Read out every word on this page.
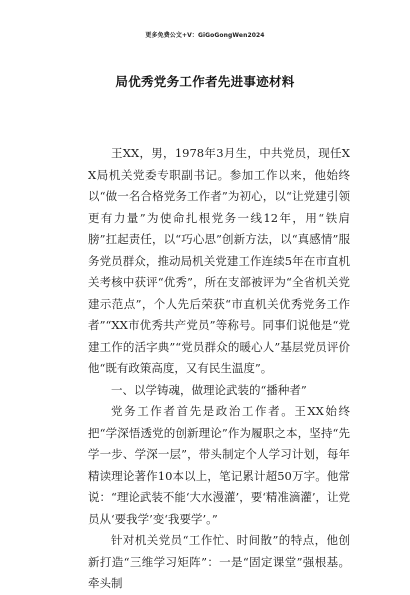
更多免费公文+V：GiGoGongWen2024
局优秀党务工作者先进事迹材料

王XX，男，1978年3月生，中共党员，现任XX局机关党委专职副书记。参加工作以来，他始终以“做一名合格党务工作者”为初心，以“让党建引领更有力量”为使命扎根党务一线12年，用“铁肩膀”扛起责任，以“巧心思”创新方法，以“真感情”服务党员群众，推动局机关党建工作连续5年在市直机关考核中获评“优秀”，所在支部被评为“全省机关党建示范点”，个人先后荣获“市直机关优秀党务工作者”“XX市优秀共产党员”等称号。同事们说他是“党建工作的活字典”“党员群众的暖心人”基层党员评价他“既有政策高度，又有民生温度”。

一、以学铸魂，做理论武装的“播种者”

党务工作者首先是政治工作者。王XX始终把“学深悟透党的创新理论”作为履职之本，坚持“先学一步、学深一层”，带头制定个人学习计划，每年精读理论著作10本以上，笔记累计超50万字。他常说：“理论武装不能‘大水漫灌’，要‘精准滴灌’，让党员从‘要我学’变‘我要学’。”

针对机关党员“工作忙、时间散”的特点，他创新打造“三维学习矩阵”：一是“固定课堂”强根基。牵头制
